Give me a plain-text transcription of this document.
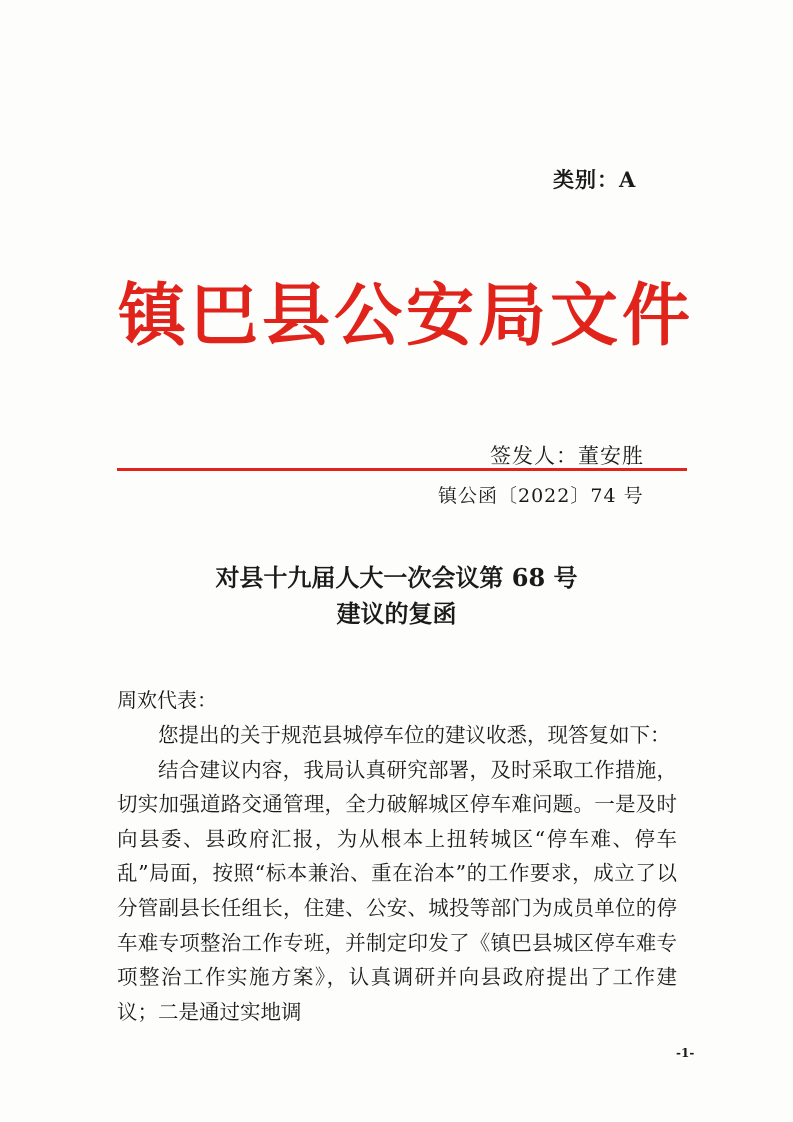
类别：A
镇巴县公安局文件
签发人：董安胜
镇公函〔2022〕74 号
对县十九届人大一次会议第 68 号
建议的复函
周欢代表：

您提出的关于规范县城停车位的建议收悉，现答复如下：

结合建议内容，我局认真研究部署，及时采取工作措施，切实加强道路交通管理，全力破解城区停车难问题。一是及时向县委、县政府汇报，为从根本上扭转城区“停车难、停车乱”局面，按照“标本兼治、重在治本”的工作要求，成立了以分管副县长任组长，住建、公安、城投等部门为成员单位的停车难专项整治工作专班，并制定印发了《镇巴县城区停车难专项整治工作实施方案》，认真调研并向县政府提出了工作建议；二是通过实地调

-1-
